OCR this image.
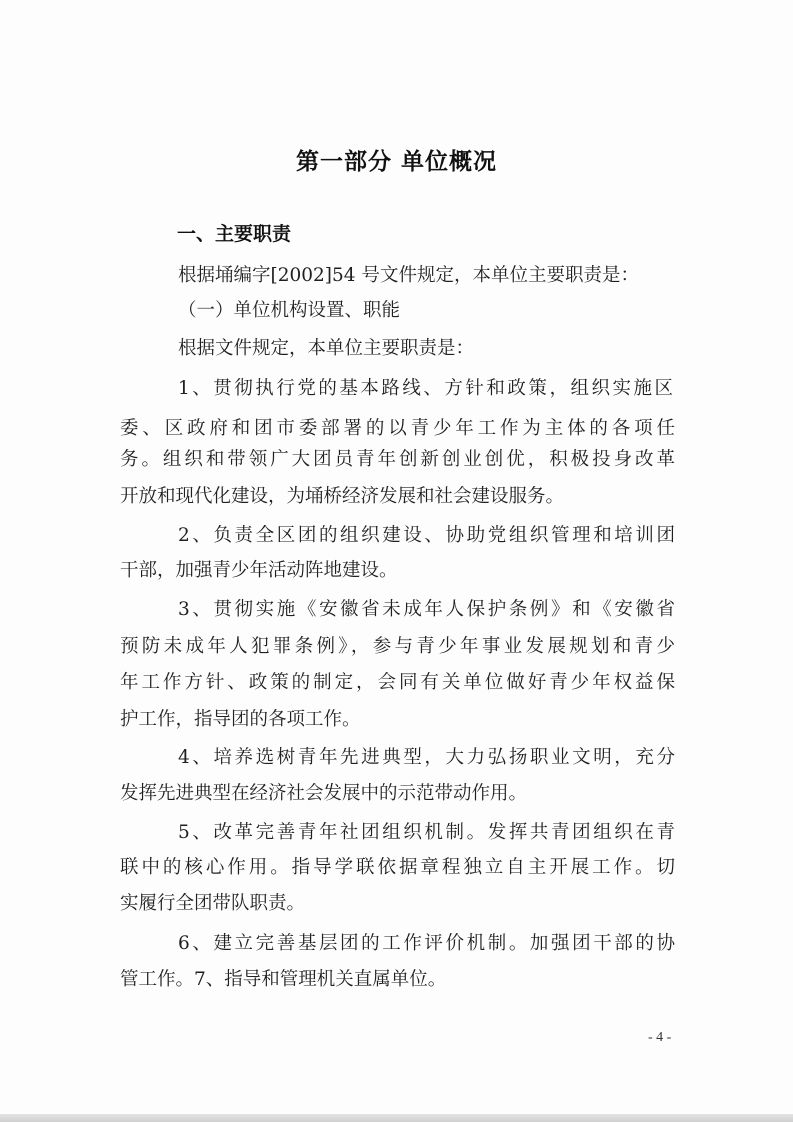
第一部分 单位概况
一、主要职责
根据埇编字[2002]54 号文件规定，本单位主要职责是：
（一）单位机构设置、职能
根据文件规定，本单位主要职责是：
1、贯彻执行党的基本路线、方针和政策，组织实施区
委、区政府和团市委部署的以青少年工作为主体的各项任
务。组织和带领广大团员青年创新创业创优，积极投身改革
开放和现代化建设，为埇桥经济发展和社会建设服务。
2、负责全区团的组织建设、协助党组织管理和培训团
干部，加强青少年活动阵地建设。
3、贯彻实施《安徽省未成年人保护条例》和《安徽省
预防未成年人犯罪条例》，参与青少年事业发展规划和青少
年工作方针、政策的制定，会同有关单位做好青少年权益保
护工作，指导团的各项工作。
4、培养选树青年先进典型，大力弘扬职业文明，充分
发挥先进典型在经济社会发展中的示范带动作用。
5、改革完善青年社团组织机制。发挥共青团组织在青
联中的核心作用。指导学联依据章程独立自主开展工作。切
实履行全团带队职责。
6、建立完善基层团的工作评价机制。加强团干部的协
管工作。7、指导和管理机关直属单位。
- 4 -
